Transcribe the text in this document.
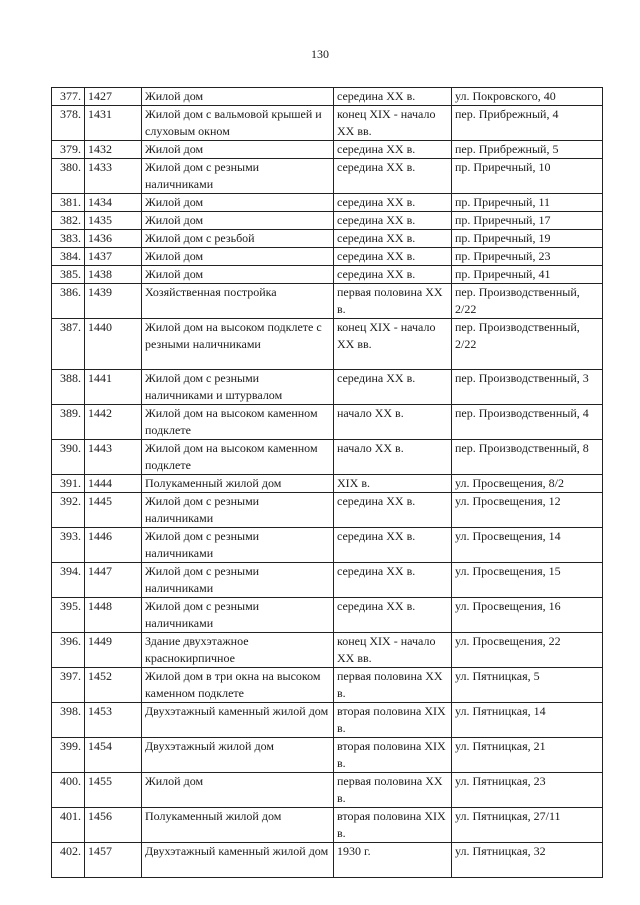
130
377.	1427	Жилой дом	середина XX в.	ул. Покровского, 40
378.	1431	Жилой дом с вальмовой крышей и слуховым окном	конец XIX - начало XX вв.	пер. Прибрежный, 4
379.	1432	Жилой дом	середина XX в.	пер. Прибрежный, 5
380.	1433	Жилой дом с резными наличниками	середина XX в.	пр. Приречный, 10
381.	1434	Жилой дом	середина XX в.	пр. Приречный, 11
382.	1435	Жилой дом	середина XX в.	пр. Приречный, 17
383.	1436	Жилой дом с резьбой	середина XX в.	пр. Приречный, 19
384.	1437	Жилой дом	середина XX в.	пр. Приречный, 23
385.	1438	Жилой дом	середина XX в.	пр. Приречный, 41
386.	1439	Хозяйственная постройка	первая половина XX в.	пер. Производственный, 2/22
387.	1440	Жилой дом на высоком подклете с резными наличниками	конец XIX - начало XX вв.	пер. Производственный, 2/22
388.	1441	Жилой дом с резными наличниками и штурвалом	середина XX в.	пер. Производственный, 3
389.	1442	Жилой дом на высоком каменном подклете	начало XX в.	пер. Производственный, 4
390.	1443	Жилой дом на высоком каменном подклете	начало XX в.	пер. Производственный, 8
391.	1444	Полукаменный жилой дом	XIX в.	ул. Просвещения, 8/2
392.	1445	Жилой дом с резными наличниками	середина XX в.	ул. Просвещения, 12
393.	1446	Жилой дом с резными наличниками	середина XX в.	ул. Просвещения, 14
394.	1447	Жилой дом с резными наличниками	середина XX в.	ул. Просвещения, 15
395.	1448	Жилой дом с резными наличниками	середина XX в.	ул. Просвещения, 16
396.	1449	Здание двухэтажное краснокирпичное	конец XIX - начало XX вв.	ул. Просвещения, 22
397.	1452	Жилой дом в три окна на высоком каменном подклете	первая половина XX в.	ул. Пятницкая, 5
398.	1453	Двухэтажный каменный жилой дом	вторая половина XIX в.	ул. Пятницкая, 14
399.	1454	Двухэтажный жилой дом	вторая половина XIX в.	ул. Пятницкая, 21
400.	1455	Жилой дом	первая половина XX в.	ул. Пятницкая, 23
401.	1456	Полукаменный жилой дом	вторая половина XIX в.	ул. Пятницкая, 27/11
402.	1457	Двухэтажный каменный жилой дом	1930 г.	ул. Пятницкая, 32
